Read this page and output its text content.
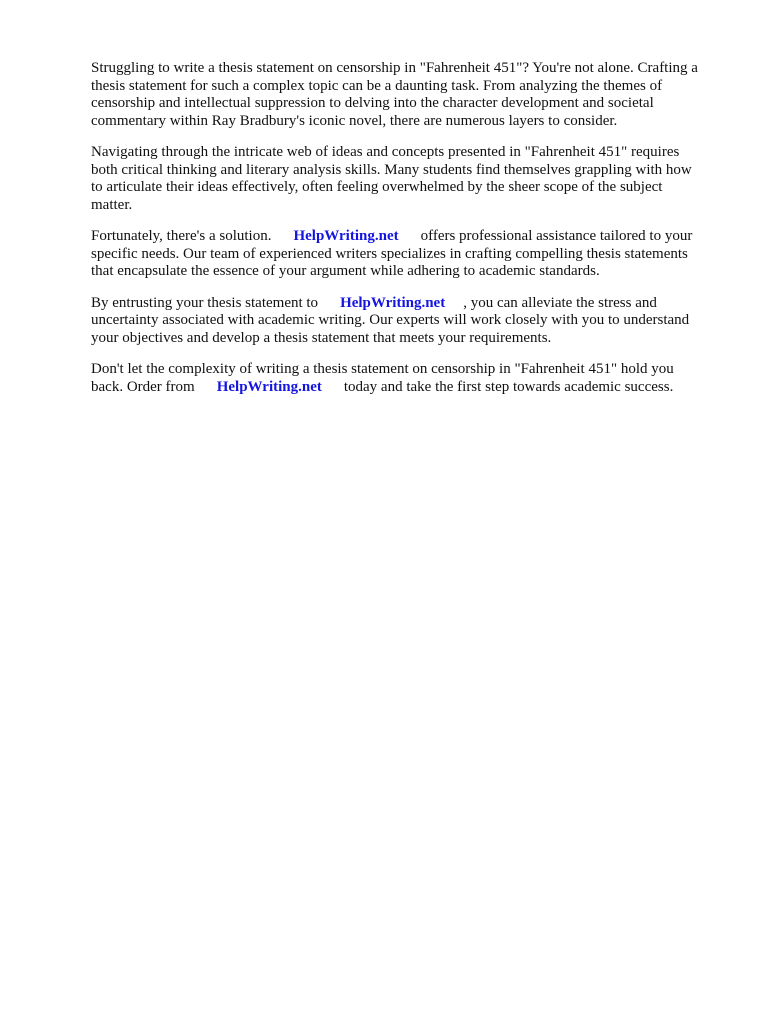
Struggling to write a thesis statement on censorship in "Fahrenheit 451"? You're not alone. Crafting a
thesis statement for such a complex topic can be a daunting task. From analyzing the themes of
censorship and intellectual suppression to delving into the character development and societal
commentary within Ray Bradbury's iconic novel, there are numerous layers to consider.

Navigating through the intricate web of ideas and concepts presented in "Fahrenheit 451" requires
both critical thinking and literary analysis skills. Many students find themselves grappling with how
to articulate their ideas effectively, often feeling overwhelmed by the sheer scope of the subject
matter.

Fortunately, there's a solution. HelpWriting.net offers professional assistance tailored to your
specific needs. Our team of experienced writers specializes in crafting compelling thesis statements
that encapsulate the essence of your argument while adhering to academic standards.

By entrusting your thesis statement to HelpWriting.net , you can alleviate the stress and
uncertainty associated with academic writing. Our experts will work closely with you to understand
your objectives and develop a thesis statement that meets your requirements.

Don't let the complexity of writing a thesis statement on censorship in "Fahrenheit 451" hold you
back. Order from HelpWriting.net today and take the first step towards academic success.
